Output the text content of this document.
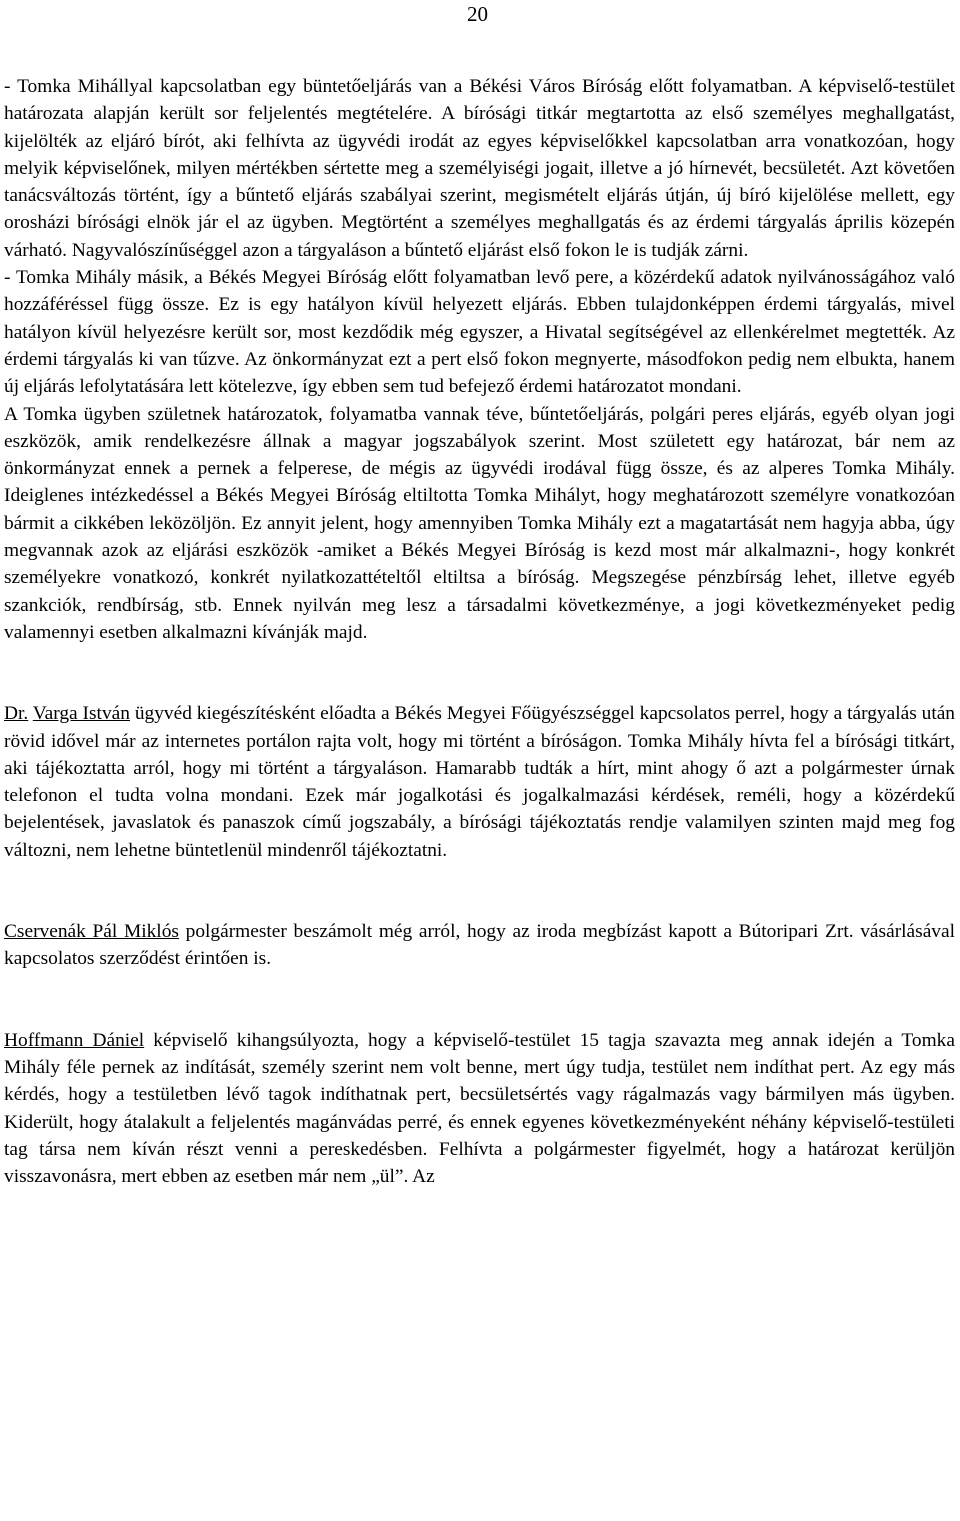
20

- Tomka Mihállyal kapcsolatban egy büntetőeljárás van a Békési Város Bíróság előtt folyamatban. A képviselő-testület határozata alapján került sor feljelentés megtételére. A bírósági titkár megtartotta az első személyes meghallgatást, kijelölték az eljáró bírót, aki felhívta az ügyvédi irodát az egyes képviselőkkel kapcsolatban arra vonatkozóan, hogy melyik képviselőnek, milyen mértékben sértette meg a személyiségi jogait, illetve a jó hírnevét, becsületét. Azt követően tanácsváltozás történt, így a bűntető eljárás szabályai szerint, megismételt eljárás útján, új bíró kijelölése mellett, egy orosházi bírósági elnök jár el az ügyben. Megtörtént a személyes meghallgatás és az érdemi tárgyalás április közepén várható. Nagyvalószínűséggel azon a tárgyaláson a bűntető eljárást első fokon le is tudják zárni.

- Tomka Mihály másik, a Békés Megyei Bíróság előtt folyamatban levő pere, a közérdekű adatok nyilvánosságához való hozzáféréssel függ össze. Ez is egy hatályon kívül helyezett eljárás. Ebben tulajdonképpen érdemi tárgyalás, mivel hatályon kívül helyezésre került sor, most kezdődik még egyszer, a Hivatal segítségével az ellenkérelmet megtették. Az érdemi tárgyalás ki van tűzve. Az önkormányzat ezt a pert első fokon megnyerte, másodfokon pedig nem elbukta, hanem új eljárás lefolytatására lett kötelezve, így ebben sem tud befejező érdemi határozatot mondani.

A Tomka ügyben születnek határozatok, folyamatba vannak téve, bűntetőeljárás, polgári peres eljárás, egyéb olyan jogi eszközök, amik rendelkezésre állnak a magyar jogszabályok szerint. Most született egy határozat, bár nem az önkormányzat ennek a pernek a felperese, de mégis az ügyvédi irodával függ össze, és az alperes Tomka Mihály. Ideiglenes intézkedéssel a Békés Megyei Bíróság eltiltotta Tomka Mihályt, hogy meghatározott személyre vonatkozóan bármit a cikkében leközöljön. Ez annyit jelent, hogy amennyiben Tomka Mihály ezt a magatartását nem hagyja abba, úgy megvannak azok az eljárási eszközök -amiket a Békés Megyei Bíróság is kezd most már alkalmazni-, hogy konkrét személyekre vonatkozó, konkrét nyilatkozattételtől eltiltsa a bíróság. Megszegése pénzbírság lehet, illetve egyéb szankciók, rendbírság, stb. Ennek nyilván meg lesz a társadalmi következménye, a jogi következményeket pedig valamennyi esetben alkalmazni kívánják majd.

Dr. Varga István ügyvéd kiegészítésként előadta a Békés Megyei Főügyészséggel kapcsolatos perrel, hogy a tárgyalás után rövid idővel már az internetes portálon rajta volt, hogy mi történt a bíróságon. Tomka Mihály hívta fel a bírósági titkárt, aki tájékoztatta arról, hogy mi történt a tárgyaláson. Hamarabb tudták a hírt, mint ahogy ő azt a polgármester úrnak telefonon el tudta volna mondani. Ezek már jogalkotási és jogalkalmazási kérdések, reméli, hogy a közérdekű bejelentések, javaslatok és panaszok című jogszabály, a bírósági tájékoztatás rendje valamilyen szinten majd meg fog változni, nem lehetne büntetlenül mindenről tájékoztatni.

Cservenák Pál Miklós polgármester beszámolt még arról, hogy az iroda megbízást kapott a Bútoripari Zrt. vásárlásával kapcsolatos szerződést érintően is.

Hoffmann Dániel képviselő kihangsúlyozta, hogy a képviselő-testület 15 tagja szavazta meg annak idején a Tomka Mihály féle pernek az indítását, személy szerint nem volt benne, mert úgy tudja, testület nem indíthat pert. Az egy más kérdés, hogy a testületben lévő tagok indíthatnak pert, becsületsértés vagy rágalmazás vagy bármilyen más ügyben. Kiderült, hogy átalakult a feljelentés magánvádas perré, és ennek egyenes következményeként néhány képviselő-testületi tag társa nem kíván részt venni a pereskedésben. Felhívta a polgármester figyelmét, hogy a határozat kerüljön visszavonásra, mert ebben az esetben már nem „ül”. Az
